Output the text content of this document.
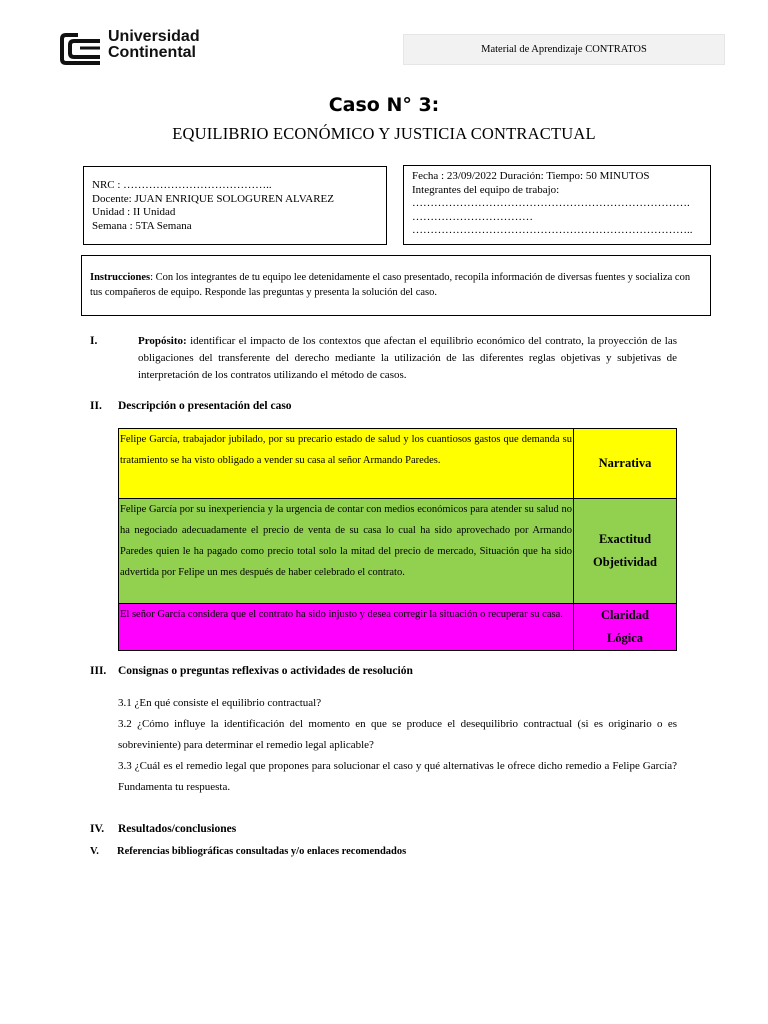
Universidad
Continental	Material de Aprendizaje CONTRATOS
Caso N° 3:
EQUILIBRIO ECONÓMICO Y JUSTICIA CONTRACTUAL
NRC : …………………………………..
Docente: JUAN ENRIQUE SOLOGUREN ALVAREZ
Unidad : II Unidad
Semana : 5TA Semana
Fecha : 23/09/2022 Duración: Tiempo: 50 MINUTOS
Integrantes del equipo de trabajo:
………………………………………………………………….
……………………………
…………………………………………………………………..
Instrucciones: Con los integrantes de tu equipo lee detenidamente el caso presentado, recopila información de diversas fuentes y socializa con tus compañeros de equipo. Responde las preguntas y presenta la solución del caso.
I.	Propósito: identificar el impacto de los contextos que afectan el equilibrio económico del contrato, la proyección de las obligaciones del transferente del derecho mediante la utilización de las diferentes reglas objetivas y subjetivas de interpretación de los contratos utilizando el método de casos.
II. Descripción o presentación del caso
Felipe García, trabajador jubilado, por su precario estado de salud y los cuantiosos gastos que demanda su tratamiento se ha visto obligado a vender su casa al señor Armando Paredes.	Narrativa
Felipe García por su inexperiencia y la urgencia de contar con medios económicos para atender su salud no ha negociado adecuadamente el precio de venta de su casa lo cual ha sido aprovechado por Armando Paredes quien le ha pagado como precio total solo la mitad del precio de mercado, Situación que ha sido advertida por Felipe un mes después de haber celebrado el contrato.	Exactitud
Objetividad

El señor García considera que el contrato ha sido injusto y desea corregir la situación o recuperar su casa.	Claridad
Lógica
III. Consignas o preguntas reflexivas o actividades de resolución
3.1 ¿En qué consiste el equilibrio contractual?
3.2 ¿Cómo influye la identificación del momento en que se produce el desequilibrio contractual (si es originario o es sobreviniente) para determinar el remedio legal aplicable?
3.3 ¿Cuál es el remedio legal que propones para solucionar el caso y qué alternativas le ofrece dicho remedio a Felipe García? Fundamenta tu respuesta.
IV. Resultados/conclusiones
V. Referencias bibliográficas consultadas y/o enlaces recomendados
